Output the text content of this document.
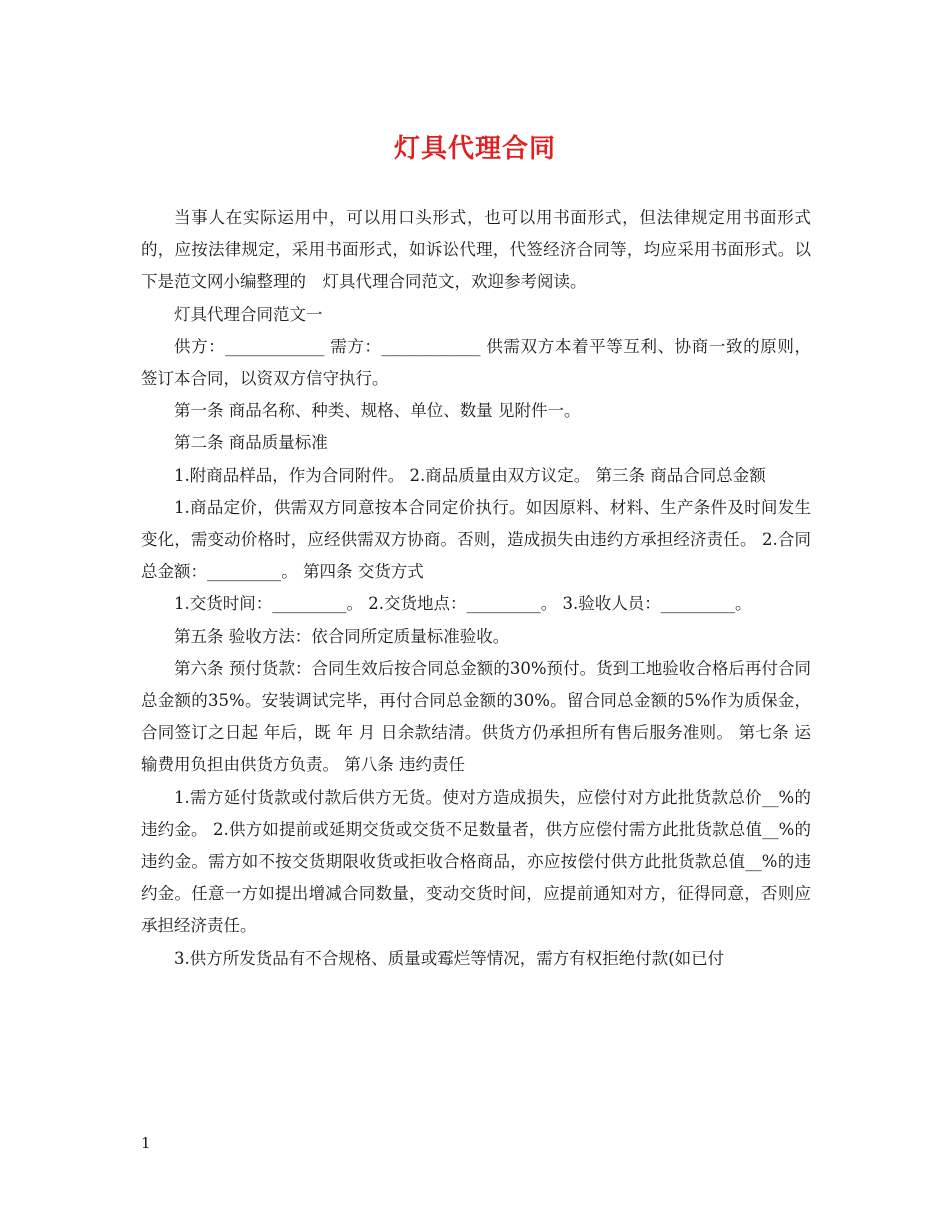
灯具代理合同

当事人在实际运用中，可以用口头形式，也可以用书面形式，但法律规定用书面形式的，应按法律规定，采用书面形式，如诉讼代理，代签经济合同等，均应采用书面形式。以下是范文网小编整理的　灯具代理合同范文，欢迎参考阅读。

灯具代理合同范文一

供方：____________ 需方：____________ 供需双方本着平等互利、协商一致的原则，签订本合同，以资双方信守执行。

第一条 商品名称、种类、规格、单位、数量 见附件一。

第二条 商品质量标准

1.附商品样品，作为合同附件。 2.商品质量由双方议定。 第三条 商品合同总金额

1.商品定价，供需双方同意按本合同定价执行。如因原料、材料、生产条件及时间发生变化，需变动价格时，应经供需双方协商。否则，造成损失由违约方承担经济责任。 2.合同总金额：_________。 第四条 交货方式

1.交货时间：_________。 2.交货地点：_________。 3.验收人员：_________。

第五条 验收方法：依合同所定质量标准验收。

第六条 预付货款：合同生效后按合同总金额的30%预付。货到工地验收合格后再付合同总金额的35%。安装调试完毕，再付合同总金额的30%。留合同总金额的5%作为质保金，合同签订之日起 年后，既 年 月 日余款结清。供货方仍承担所有售后服务准则。 第七条 运输费用负担由供货方负责。 第八条 违约责任

1.需方延付货款或付款后供方无货。使对方造成损失，应偿付对方此批货款总价__%的违约金。 2.供方如提前或延期交货或交货不足数量者，供方应偿付需方此批货款总值__%的违约金。需方如不按交货期限收货或拒收合格商品，亦应按偿付供方此批货款总值__%的违约金。任意一方如提出增减合同数量，变动交货时间，应提前通知对方，征得同意，否则应承担经济责任。

3.供方所发货品有不合规格、质量或霉烂等情况，需方有权拒绝付款(如已付

1
